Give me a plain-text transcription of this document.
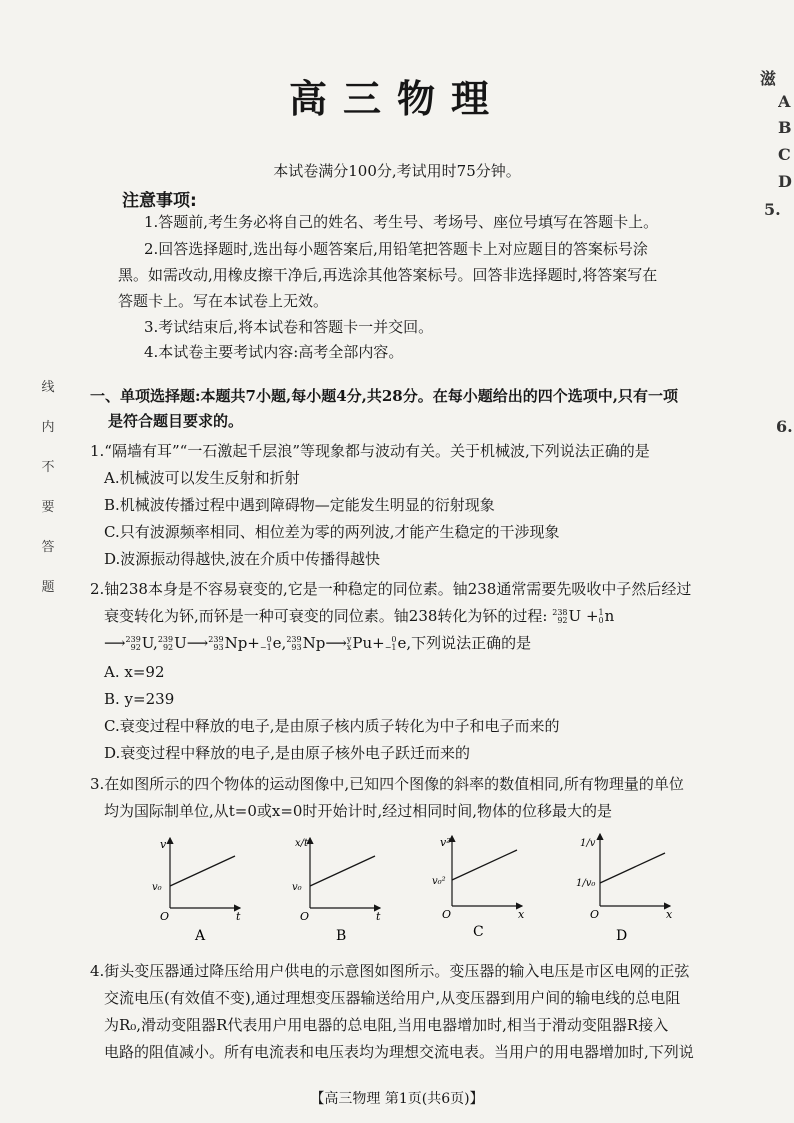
高三物理
本试卷满分100分,考试用时75分钟。
注意事项:
1.答题前,考生务必将自己的姓名、考生号、考场号、座位号填写在答题卡上。
2.回答选择题时,选出每小题答案后,用铅笔把答题卡上对应题目的答案标号涂
黑。如需改动,用橡皮擦干净后,再选涂其他答案标号。回答非选择题时,将答案写在
答题卡上。写在本试卷上无效。
3.考试结束后,将本试卷和答题卡一并交回。
4.本试卷主要考试内容:高考全部内容。
线
内
不
要
答
题
一、单项选择题:本题共7小题,每小题4分,共28分。在每小题给出的四个选项中,只有一项
是符合题目要求的。
1.“隔墙有耳”“一石激起千层浪”等现象都与波动有关。关于机械波,下列说法正确的是
A.机械波可以发生反射和折射
B.机械波传播过程中遇到障碍物—定能发生明显的衍射现象
C.只有波源频率相同、相位差为零的两列波,才能产生稳定的干涉现象
D.波源振动得越快,波在介质中传播得越快
2.铀238本身是不容易衰变的,它是一种稳定的同位素。铀238通常需要先吸收中子然后经过
衰变转化为钚,而钚是一种可衰变的同位素。铀238转化为钚的过程: 238
92 U + 1
0 n
⟶ 239
92 U, 239
92 U⟶ 239
93 Np+ 0
−1 e, 239
93 Np⟶ y
x Pu+ 0
−1 e,下列说法正确的是
A. x=92
B. y=239
C.衰变过程中释放的电子,是由原子核内质子转化为中子和电子而来的
D.衰变过程中释放的电子,是由原子核外电子跃迁而来的
3.在如图所示的四个物体的运动图像中,已知四个图像的斜率的数值相同,所有物理量的单位
均为国际制单位,从t=0或x=0时开始计时,经过相同时间,物体的位移最大的是
v
v₀
O	t
A
x/t
v₀
O	t
B
v²
v₀²
O	x
C
1/v
1/v₀
O	x
D
4.街头变压器通过降压给用户供电的示意图如图所示。变压器的输入电压是市区电网的正弦
交流电压(有效值不变),通过理想变压器输送给用户,从变压器到用户间的输电线的总电阻
为R₀,滑动变阻器R代表用户用电器的总电阻,当用电器增加时,相当于滑动变阻器R接入
电路的阻值减小。所有电流表和电压表均为理想交流电表。当用户的用电器增加时,下列说
【高三物理 第1页(共6页)】
滋
A
B
C
D
5.
6.
